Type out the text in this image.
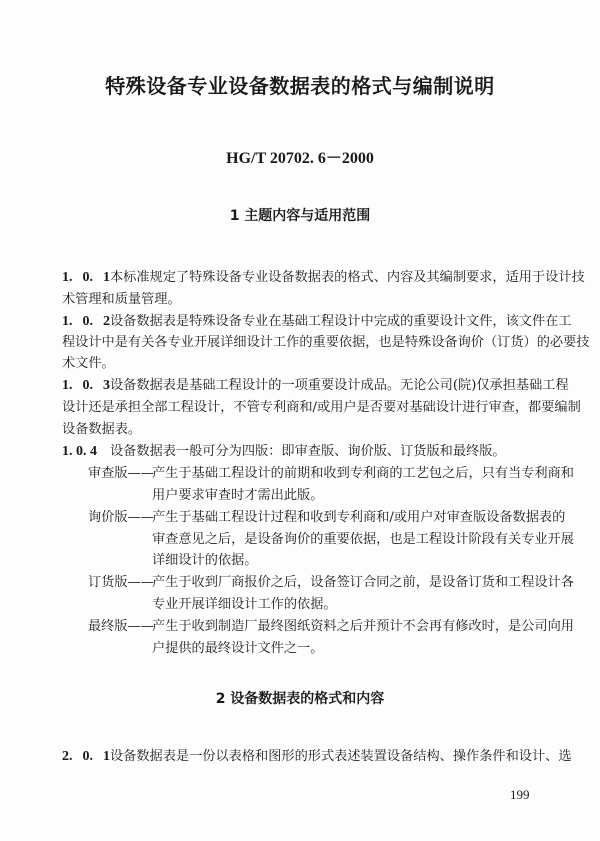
特殊设备专业设备数据表的格式与编制说明
HG/T 20702. 6－2000
1 主题内容与适用范围
1. 0. 1本标准规定了特殊设备专业设备数据表的格式、内容及其编制要求，适用于设计技
术管理和质量管理。
1. 0. 2设备数据表是特殊设备专业在基础工程设计中完成的重要设计文件，该文件在工
程设计中是有关各专业开展详细设计工作的重要依据，也是特殊设备询价（订货）的必要技
术文件。
1. 0. 3设备数据表是基础工程设计的一项重要设计成品。无论公司(院)仅承担基础工程
设计还是承担全部工程设计，不管专利商和/或用户是否要对基础设计进行审查，都要编制
设备数据表。
1. 0. 4 设备数据表一般可分为四版：即审查版、询价版、订货版和最终版。
审查版——
产生于基础工程设计的前期和收到专利商的工艺包之后，只有当专利商和
用户要求审查时才需出此版。
询价版——
产生于基础工程设计过程和收到专利商和/或用户对审查版设备数据表的
审查意见之后，是设备询价的重要依据，也是工程设计阶段有关专业开展
详细设计的依据。
订货版——
产生于收到厂商报价之后，设备签订合同之前，是设备订货和工程设计各
专业开展详细设计工作的依据。
最终版——
产生于收到制造厂最终图纸资料之后并预计不会再有修改时，是公司向用
户提供的最终设计文件之一。
2 设备数据表的格式和内容
2. 0. 1设备数据表是一份以表格和图形的形式表述装置设备结构、操作条件和设计、选
199
